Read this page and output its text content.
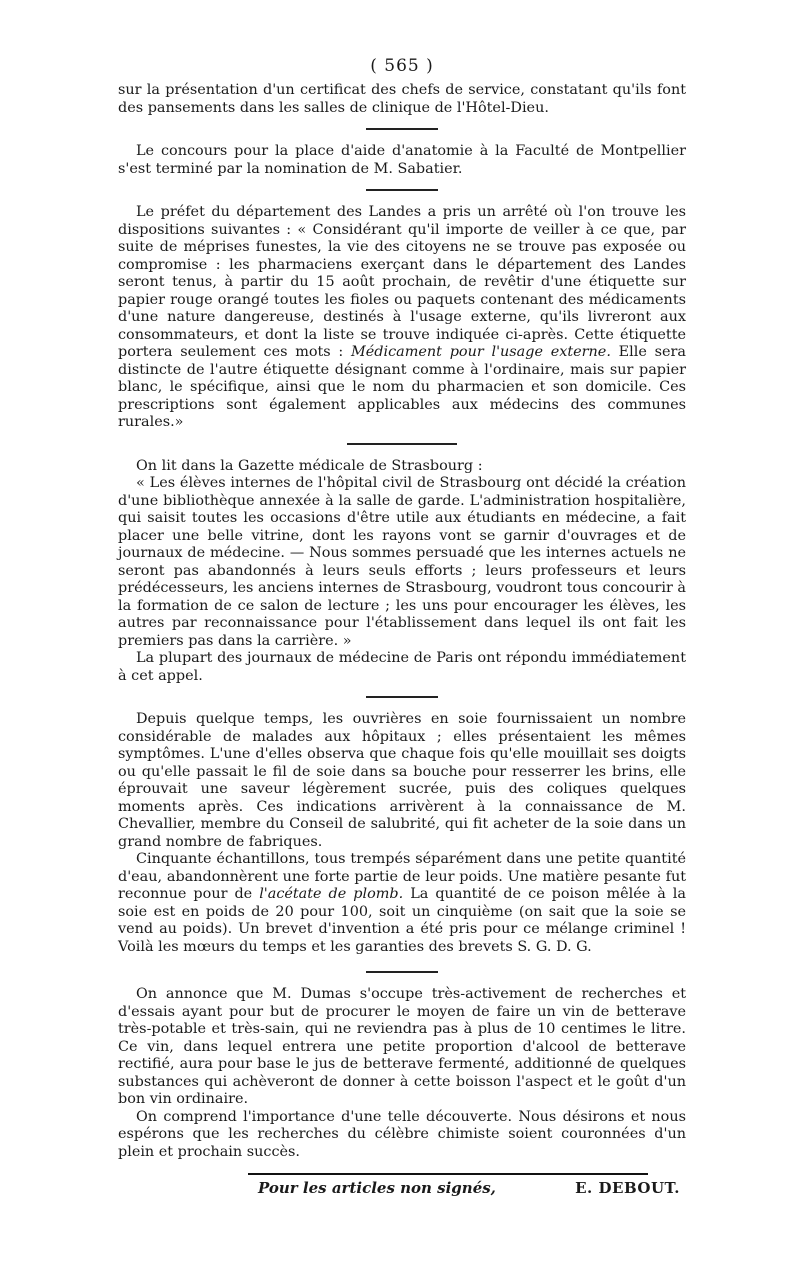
( 565 )

sur la présentation d'un certificat des chefs de service, constatant qu'ils font des pansements dans les salles de clinique de l'Hôtel-Dieu.

Le concours pour la place d'aide d'anatomie à la Faculté de Montpellier s'est terminé par la nomination de M. Sabatier.

Le préfet du département des Landes a pris un arrêté où l'on trouve les dispositions suivantes : « Considérant qu'il importe de veiller à ce que, par suite de méprises funestes, la vie des citoyens ne se trouve pas exposée ou compromise : les pharmaciens exerçant dans le département des Landes seront tenus, à partir du 15 août prochain, de revêtir d'une étiquette sur papier rouge orangé toutes les fioles ou paquets contenant des médicaments d'une nature dangereuse, destinés à l'usage externe, qu'ils livreront aux consommateurs, et dont la liste se trouve indiquée ci-après. Cette étiquette portera seulement ces mots : Médicament pour l'usage externe. Elle sera distincte de l'autre étiquette désignant comme à l'ordinaire, mais sur papier blanc, le spécifique, ainsi que le nom du pharmacien et son domicile. Ces prescriptions sont également applicables aux médecins des communes rurales.»

On lit dans la Gazette médicale de Strasbourg :

« Les élèves internes de l'hôpital civil de Strasbourg ont décidé la création d'une bibliothèque annexée à la salle de garde. L'administration hospitalière, qui saisit toutes les occasions d'être utile aux étudiants en médecine, a fait placer une belle vitrine, dont les rayons vont se garnir d'ouvrages et de journaux de médecine. — Nous sommes persuadé que les internes actuels ne seront pas abandonnés à leurs seuls efforts ; leurs professeurs et leurs prédécesseurs, les anciens internes de Strasbourg, voudront tous concourir à la formation de ce salon de lecture ; les uns pour encourager les élèves, les autres par reconnaissance pour l'établissement dans lequel ils ont fait les premiers pas dans la carrière. »

La plupart des journaux de médecine de Paris ont répondu immédiatement à cet appel.

Depuis quelque temps, les ouvrières en soie fournissaient un nombre considérable de malades aux hôpitaux ; elles présentaient les mêmes symptômes. L'une d'elles observa que chaque fois qu'elle mouillait ses doigts ou qu'elle passait le fil de soie dans sa bouche pour resserrer les brins, elle éprouvait une saveur légèrement sucrée, puis des coliques quelques moments après. Ces indications arrivèrent à la connaissance de M. Chevallier, membre du Conseil de salubrité, qui fit acheter de la soie dans un grand nombre de fabriques.

Cinquante échantillons, tous trempés séparément dans une petite quantité d'eau, abandonnèrent une forte partie de leur poids. Une matière pesante fut reconnue pour de l'acétate de plomb. La quantité de ce poison mêlée à la soie est en poids de 20 pour 100, soit un cinquième (on sait que la soie se vend au poids). Un brevet d'invention a été pris pour ce mélange criminel ! Voilà les mœurs du temps et les garanties des brevets S. G. D. G.

On annonce que M. Dumas s'occupe très-activement de recherches et d'essais ayant pour but de procurer le moyen de faire un vin de betterave très-potable et très-sain, qui ne reviendra pas à plus de 10 centimes le litre. Ce vin, dans lequel entrera une petite proportion d'alcool de betterave rectifié, aura pour base le jus de betterave fermenté, additionné de quelques substances qui achèveront de donner à cette boisson l'aspect et le goût d'un bon vin ordinaire.

On comprend l'importance d'une telle découverte. Nous désirons et nous espérons que les recherches du célèbre chimiste soient couronnées d'un plein et prochain succès.

Pour les articles non signés,	E. DEBOUT.
